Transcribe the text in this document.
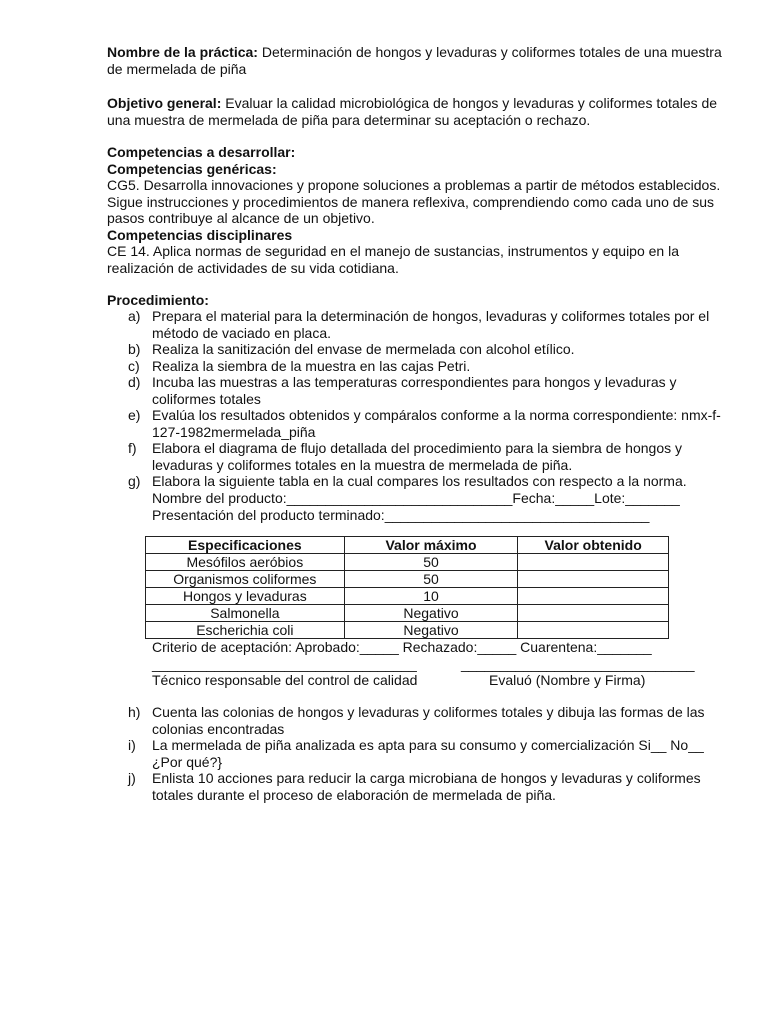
Nombre de la práctica: Determinación de hongos y levaduras y coliformes totales de una muestra de mermelada de piña

Objetivo general: Evaluar la calidad microbiológica de hongos y levaduras y coliformes totales de una muestra de mermelada de piña para determinar su aceptación o rechazo.

Competencias a desarrollar:
Competencias genéricas:
CG5. Desarrolla innovaciones y propone soluciones a problemas a partir de métodos establecidos. Sigue instrucciones y procedimientos de manera reflexiva, comprendiendo como cada uno de sus pasos contribuye al alcance de un objetivo.
Competencias disciplinares
CE 14. Aplica normas de seguridad en el manejo de sustancias, instrumentos y equipo en la realización de actividades de su vida cotidiana.
Procedimiento:
a) Prepara el material para la determinación de hongos, levaduras y coliformes totales por el método de vaciado en placa.
b) Realiza la sanitización del envase de mermelada con alcohol etílico.
c) Realiza la siembra de la muestra en las cajas Petri.
d) Incuba las muestras a las temperaturas correspondientes para hongos y levaduras y coliformes totales
e) Evalúa los resultados obtenidos y compáralos conforme a la norma correspondiente: nmx-f-127-1982mermelada_piña
f) Elabora el diagrama de flujo detallada del procedimiento para la siembra de hongos y levaduras y coliformes totales en la muestra de mermelada de piña.
g) Elabora la siguiente tabla en la cual compares los resultados con respecto a la norma.
Nombre del producto:_____________________________Fecha:_____Lote:_______
Presentación del producto terminado:__________________________________
Especificaciones	Valor máximo	Valor obtenido
Mesófilos aeróbios	50	
Organismos coliformes	50	
Hongos y levaduras	10	
Salmonella	Negativo	
Escherichia coli	Negativo	
Criterio de aceptación: Aprobado:_____ Rechazado:_____ Cuarentena:_______
__________________________________	______________________________
Técnico responsable del control de calidad	Evaluó (Nombre y Firma)
h) Cuenta las colonias de hongos y levaduras y coliformes totales y dibuja las formas de las colonias encontradas
i) La mermelada de piña analizada es apta para su consumo y comercialización Si__ No__ ¿Por qué?}
j) Enlista 10 acciones para reducir la carga microbiana de hongos y levaduras y coliformes totales durante el proceso de elaboración de mermelada de piña.
